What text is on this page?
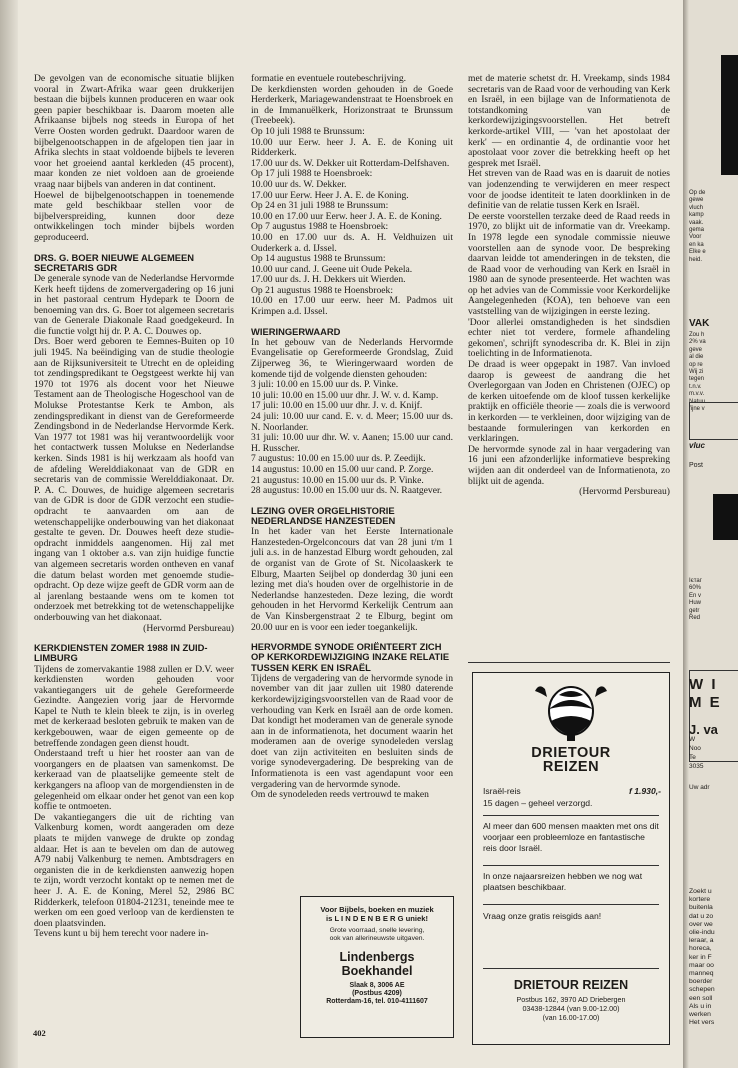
De gevolgen van de economische situatie blijken vooral in Zwart-Afrika waar geen drukkerijen bestaan die bijbels kunnen produceren en waar ook geen papier beschikbaar is. Daarom moeten alle Afrikaanse bijbels nog steeds in Europa of het Verre Oosten worden gedrukt. Daardoor waren de bijbelgenootschappen in de afgelopen tien jaar in Afrika slechts in staat voldoende bijbels te leveren voor het groeiend aantal kerkleden (45 procent), maar konden ze niet voldoen aan de groeiende vraag naar bijbels van anderen in dat continent.

Hoewel de bijbelgenootschappen in toenemende mate geld beschikbaar stellen voor de bijbelverspreiding, kunnen door deze ontwikkelingen toch minder bijbels worden geproduceerd.

DRS. G. BOER NIEUWE ALGEMEEN SECRETARIS GDR

De generale synode van de Nederlandse Hervormde Kerk heeft tijdens de zomervergadering op 16 juni in het pastoraal centrum Hydepark te Doorn de benoeming van drs. G. Boer tot algemeen secretaris van de Generale Diakonale Raad goedgekeurd. In die functie volgt hij dr. P. A. C. Douwes op.

Drs. Boer werd geboren te Eemnes-Buiten op 10 juli 1945. Na beëindiging van de studie theologie aan de Rijksuniversiteit te Utrecht en de opleiding tot zendingspredikant te Oegstgeest werkte hij van 1970 tot 1976 als docent voor het Nieuwe Testament aan de Theologische Hogeschool van de Molukse Protestantse Kerk te Ambon, als zendingspredikant in dienst van de Gereformeerde Zendingsbond in de Nederlandse Hervormde Kerk. Van 1977 tot 1981 was hij verantwoordelijk voor het contactwerk tussen Molukse en Nederlandse kerken. Sinds 1981 is hij werkzaam als hoofd van de afdeling Werelddiakonaat van de GDR en secretaris van de commissie Werelddiakonaat. Dr. P. A. C. Douwes, de huidige algemeen secretaris van de GDR is door de GDR verzocht een studie-opdracht te aanvaarden om aan de wetenschappelijke onderbouwing van het diakonaat gestalte te geven. Dr. Douwes heeft deze studie-opdracht inmiddels aangenomen. Hij zal met ingang van 1 oktober a.s. van zijn huidige functie van algemeen secretaris worden ontheven en vanaf die datum belast worden met genoemde studie-opdracht. Op deze wijze geeft de GDR vorm aan de al jarenlang bestaande wens om te komen tot onderzoek met betrekking tot de wetenschappelijke onderbouwing van het diakonaat.

(Hervormd Persbureau)

KERKDIENSTEN ZOMER 1988 IN ZUID-LIMBURG

Tijdens de zomervakantie 1988 zullen er D.V. weer kerkdiensten worden gehouden voor vakantiegangers uit de gehele Gereformeerde Gezindte. Aangezien vorig jaar de Hervormde Kapel te Nuth te klein bleek te zijn, is in overleg met de kerkeraad besloten gebruik te maken van de kerkgebouwen, waar de eigen gemeente op de betreffende zondagen geen dienst houdt.

Onderstaand treft u hier het rooster aan van de voorgangers en de plaatsen van samenkomst. De kerkeraad van de plaatselijke gemeente stelt de kerkgangers na afloop van de morgendiensten in de gelegenheid om elkaar onder het genot van een kop koffie te ontmoeten.

De vakantiegangers die uit de richting van Valkenburg komen, wordt aangeraden om deze plaats te mijden vanwege de drukte op zondag aldaar. Het is aan te bevelen om dan de autoweg A79 nabij Valkenburg te nemen. Ambtsdragers en organisten die in de kerkdiensten aanwezig hopen te zijn, wordt verzocht kontakt op te nemen met de heer J. A. E. de Koning, Merel 52, 2986 BC Ridderkerk, telefoon 01804-21231, teneinde mee te werken om een goed verloop van de kerdiensten te doen plaatsvinden.

Tevens kunt u bij hem terecht voor nadere in-

formatie en eventuele routebeschrijving.

De kerkdiensten worden gehouden in de Goede Herderkerk, Mariagewandenstraat te Hoensbroek en in de Immanuëlkerk, Horizonstraat te Brunssum (Treebeek).

Op 10 juli 1988 te Brunssum:

10.00 uur Eerw. heer J. A. E. de Koning uit Ridderkerk.

17.00 uur ds. W. Dekker uit Rotterdam-Delfshaven.

Op 17 juli 1988 te Hoensbroek:

10.00 uur ds. W. Dekker.

17.00 uur Eerw. Heer J. A. E. de Koning.

Op 24 en 31 juli 1988 te Brunssum:

10.00 en 17.00 uur Eerw. heer J. A. E. de Koning.

Op 7 augustus 1988 te Hoensbroek:

10.00 en 17.00 uur ds. A. H. Veldhuizen uit Ouderkerk a. d. IJssel.

Op 14 augustus 1988 te Brunssum:

10.00 uur cand. J. Geene uit Oude Pekela.

17.00 uur ds. J. H. Dekkers uit Wierden.

Op 21 augustus 1988 te Hoensbroek:

10.00 en 17.00 uur eerw. heer M. Padmos uit Krimpen a.d. IJssel.

WIERINGERWAARD

In het gebouw van de Nederlands Hervormde Evangelisatie op Gereformeerde Grondslag, Zuid Zijperweg 36, te Wieringerwaard worden de komende tijd de volgende diensten gehouden:

3 juli: 10.00 en 15.00 uur ds. P. Vinke.

10 juli: 10.00 en 15.00 uur dhr. J. W. v. d. Kamp.

17 juli: 10.00 en 15.00 uur dhr. J. v. d. Knijf.

24 juli: 10.00 uur cand. E. v. d. Meer; 15.00 uur ds. N. Noorlander.

31 juli: 10.00 uur dhr. W. v. Aanen; 15.00 uur cand. H. Russcher.

7 augustus: 10.00 en 15.00 uur ds. P. Zeedijk.

14 augustus: 10.00 en 15.00 uur cand. P. Zorge.

21 augustus: 10.00 en 15.00 uur ds. P. Vinke.

28 augustus: 10.00 en 15.00 uur ds. N. Raatgever.

LEZING OVER ORGELHISTORIE NEDERLANDSE HANZESTEDEN

In het kader van het Eerste Internationale Hanzesteden-Orgelconcours dat van 28 juni t/m 1 juli a.s. in de hanzestad Elburg wordt gehouden, zal de organist van de Grote of St. Nicolaaskerk te Elburg, Maarten Seijbel op donderdag 30 juni een lezing met dia's houden over de orgelhistorie in de Nederlandse hanzesteden. Deze lezing, die wordt gehouden in het Hervormd Kerkelijk Centrum aan de Van Kinsbergenstraat 2 te Elburg, begint om 20.00 uur en is voor een ieder toegankelijk.

HERVORMDE SYNODE ORIËNTEERT ZICH OP KERKORDEWIJZIGING INZAKE RELATIE TUSSEN KERK EN ISRAËL

Tijdens de vergadering van de hervormde synode in november van dit jaar zullen uit 1980 daterende kerkordewijzigingsvoorstellen van de Raad voor de verhouding van Kerk en Israël aan de orde komen. Dat kondigt het moderamen van de generale synode aan in de informatienota, het document waarin het moderamen aan de overige synodeleden verslag doet van zijn activiteiten en besluiten sinds de vorige synodevergadering. De bespreking van de Informatienota is een vast agendapunt voor een vergadering van de hervormde synode.

Om de synodeleden reeds vertrouwd te maken

met de materie schetst dr. H. Vreekamp, sinds 1984 secretaris van de Raad voor de verhouding van Kerk en Israël, in een bijlage van de Informatienota de totstandkoming van de kerkordewijzigingsvoorstellen. Het betreft kerkorde-artikel VIII, — 'van het apostolaat der kerk' — en ordinantie 4, de ordinantie voor het apostolaat voor zover die betrekking heeft op het gesprek met Israël.

Het streven van de Raad was en is daaruit de noties van jodenzending te verwijderen en meer respect voor de joodse identiteit te laten doorklinken in de definitie van de relatie tussen Kerk en Israël.

De eerste voorstellen terzake deed de Raad reeds in 1970, zo blijkt uit de informatie van dr. Vreekamp. In 1978 legde een synodale commissie nieuwe voorstellen aan de synode voor. De bespreking daarvan leidde tot amenderingen in de teksten, die de Raad voor de verhouding van Kerk en Israël in 1980 aan de synode presenteerde. Het wachten was op het advies van de Commissie voor Kerkordelijke Aangelegenheden (KOA), ten behoeve van een vaststelling van de wijzigingen in eerste lezing.

'Door allerlei omstandigheden is het sindsdien echter niet tot verdere, formele afhandeling gekomen', schrijft synodescriba dr. K. Blei in zijn toelichting in de Informatienota.

De draad is weer opgepakt in 1987. Van invloed daarop is geweest de aandrang die het Overlegorgaan van Joden en Christenen (OJEC) op de kerken uitoefende om de kloof tussen kerkelijke praktijk en officiële theorie — zoals die is verwoord in kerkorden — te verkleinen, door wijziging van de bestaande formuleringen van kerkorden en verklaringen.

De hervormde synode zal in haar vergadering van 16 juni een afzonderlijke informatieve bespreking wijden aan dit onderdeel van de Informatienota, zo blijkt uit de agenda.

(Hervormd Persbureau)

402
Voor Bijbels, boeken en muziek
is L I N D E N B E R G uniek!
Grote voorraad, snelle levering,
ook van allerineuwste uitgaven.
Lindenbergs
Boekhandel
Slaak 8, 3006 AE
(Postbus 4209)
Rotterdam-16, tel. 010-4111607
DRIETOUR
REIZEN
Israël-reis	f 1.930,-
15 dagen – geheel verzorgd.
Al meer dan 600 mensen maakten met ons dit voorjaar een probleemloze en fantastische reis door Israël.
In onze najaarsreizen hebben we nog wat plaatsen beschikbaar.
Vraag onze gratis reisgids aan!
DRIETOUR REIZEN
Postbus 162, 3970 AD Driebergen
03438-12844 (van 9.00-12.00)
(van 16.00-17.00)
Op de
gewe
vluch
kamp
vaak.
gema
Voor
en ka
Elke e
heid.
VAK
Zou h
2% va
geve
al die
op re
Wij zi
tegen
t.n.v.
m.v.v.
Natuu
fijne v
vluc
Post
Ієтаг
60%
En v
Huw
getr
Red
W I
M E
J. va
W
Noo
Te
3035
Uw adr
Zoekt u
kortere
buitenla
dat u zo
over we
olie-indu
leraar, a
horeca,
ker in F
maar oo
manneq
boerder
schepen
een soll
Als u in
werken
Het vers
